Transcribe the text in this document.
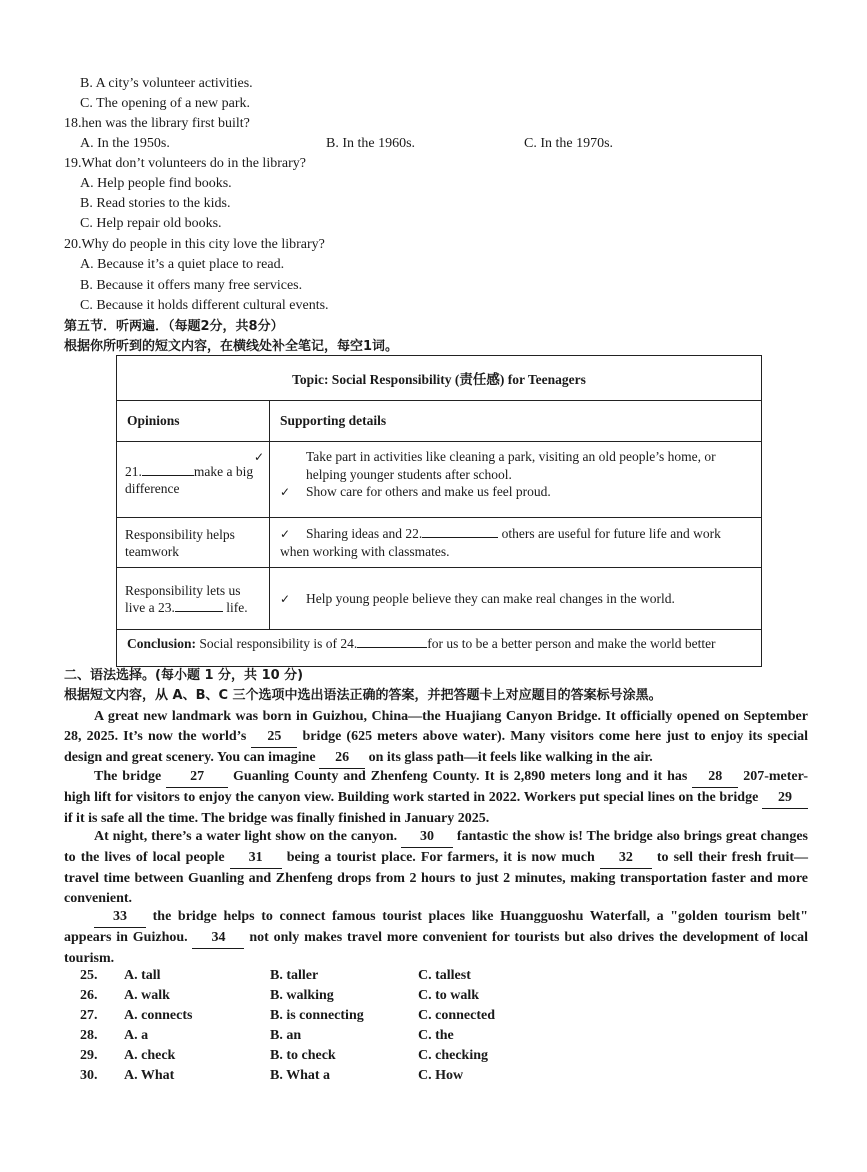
B. A city’s volunteer activities.
C. The opening of a new park.
18.hen was the library first built?
A. In the 1950s.	B. In the 1960s.	C. In the 1970s.
19.What don’t volunteers do in the library?
A. Help people find books.
B. Read stories to the kids.
C. Help repair old books.
20.Why do people in this city love the library?
A. Because it’s a quiet place to read.
B. Because it offers many free services.
C. Because it holds different cultural events.
第五节．听两遍．（每题2分，共8分）
根据你所听到的短文内容，在横线处补全笔记，每空1词。
Topic: Social Responsibility (责任感) for Teenagers	
Opinions	Supporting details
21. make a big difference	✓ Take part in activities like cleaning a park, visiting an old people’s home, or helping younger students after school.
✓ Show care for others and make us feel proud.

Responsibility helps teamwork	✓ Sharing ideas and 22. others are useful for future life and work when working with classmates.
Responsibility lets us live a 23. life.	✓ Help young people believe they can make real changes in the world.

Conclusion: Social responsibility is of 24. for us to be a better person and make the world better	
二、语法选择。(每小题 1 分，共 10 分)
根据短文内容，从 A、B、C 三个选项中选出语法正确的答案，并把答题卡上对应题目的答案标号涂黑。
A great new landmark was born in Guizhou, China—the Huajiang Canyon Bridge. It officially opened on September 28, 2025. It’s now the world’s 25 bridge (625 meters above water). Many visitors come here just to enjoy its special design and great scenery. You can imagine 26 on its glass path—it feels like walking in the air.
The bridge 27 Guanling County and Zhenfeng County. It is 2,890 meters long and it has 28 207-meter-high lift for visitors to enjoy the canyon view. Building work started in 2022. Workers put special lines on the bridge 29 if it is safe all the time. The bridge was finally finished in January 2025.
At night, there’s a water light show on the canyon. 30 fantastic the show is! The bridge also brings great changes to the lives of local people 31 being a tourist place. For farmers, it is now much 32 to sell their fresh fruit—travel time between Guanling and Zhenfeng drops from 2 hours to just 2 minutes, making transportation faster and more convenient.
33 the bridge helps to connect famous tourist places like Huangguoshu Waterfall, a "golden tourism belt" appears in Guizhou. 34 not only makes travel more convenient for tourists but also drives the development of local tourism.
25. A. tall	B. taller	C. tallest
26. A. walk	B. walking	C. to walk
27. A. connects	B. is connecting	C. connected
28. A. a	B. an	C. the
29. A. check	B. to check	C. checking
30. A. What	B. What a	C. How
